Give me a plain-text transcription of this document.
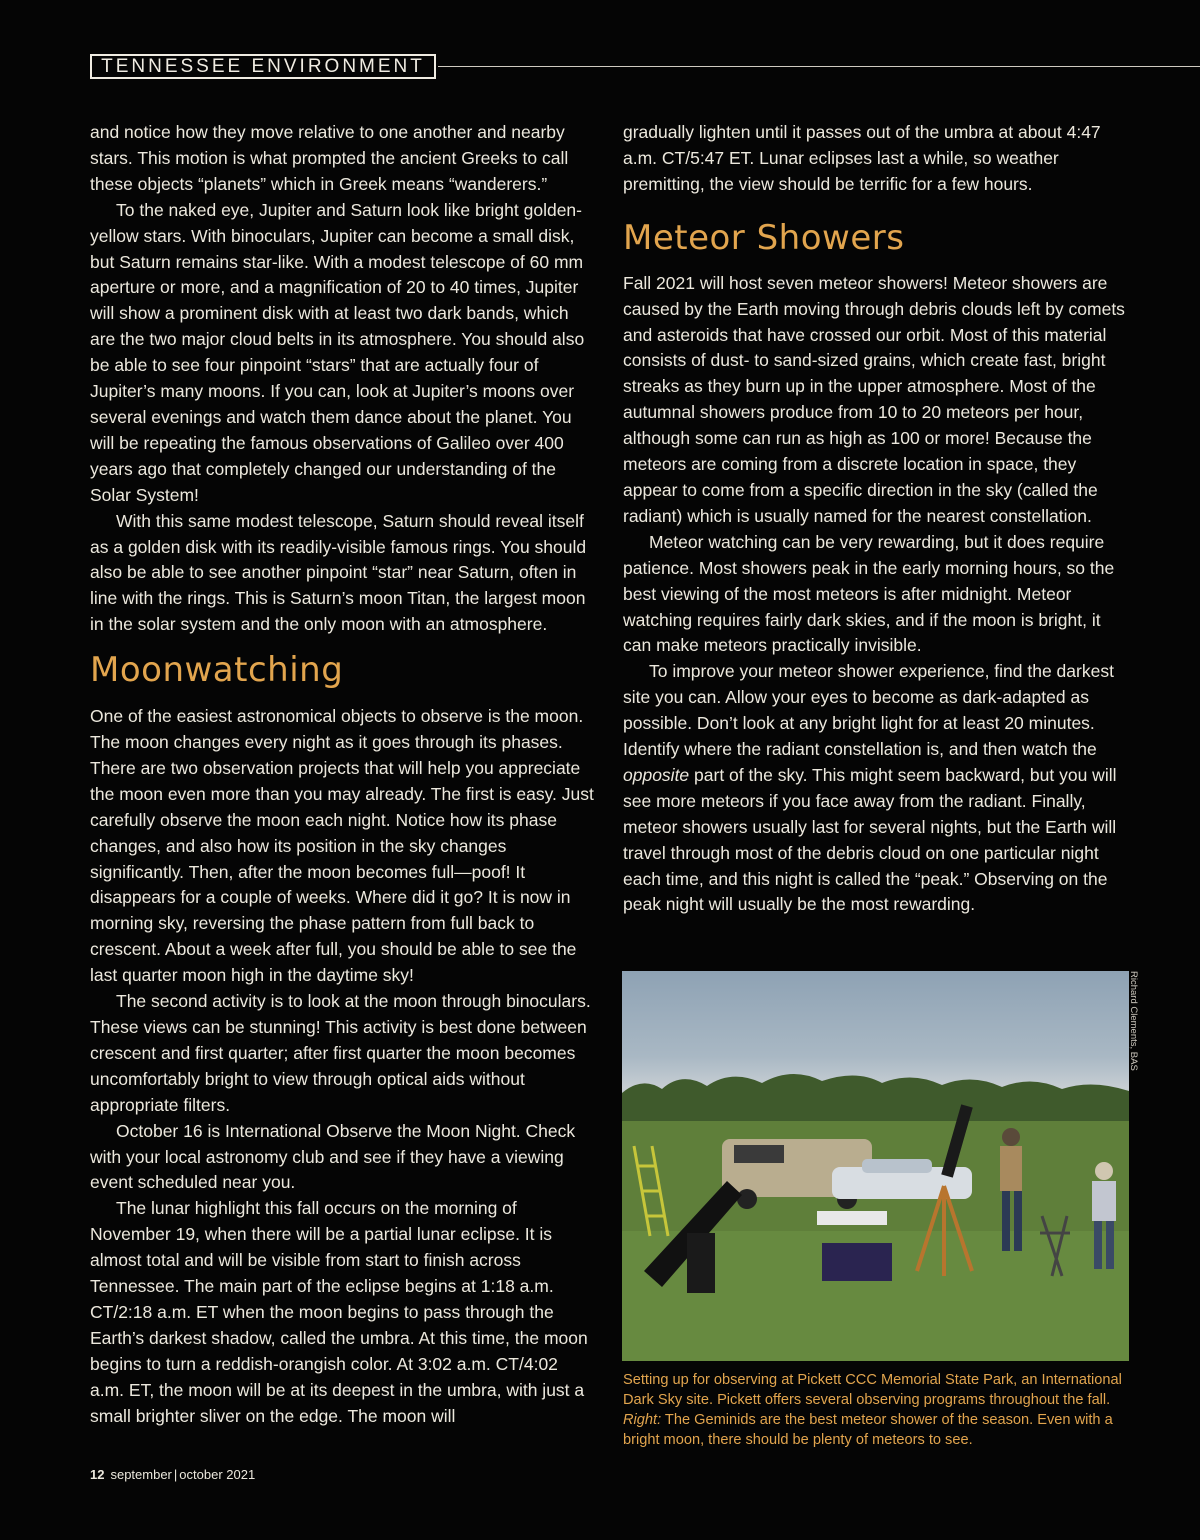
TENNESSEE ENVIRONMENT

and notice how they move relative to one another and nearby stars. This motion is what prompted the ancient Greeks to call these objects “planets” which in Greek means “wanderers.”

To the naked eye, Jupiter and Saturn look like bright golden-yellow stars. With binoculars, Jupiter can become a small disk, but Saturn remains star-like. With a modest telescope of 60 mm aperture or more, and a magnification of 20 to 40 times, Jupiter will show a prominent disk with at least two dark bands, which are the two major cloud belts in its atmosphere. You should also be able to see four pinpoint “stars” that are actually four of Jupiter’s many moons. If you can, look at Jupiter’s moons over several evenings and watch them dance about the planet. You will be repeating the famous observations of Galileo over 400 years ago that completely changed our understanding of the Solar System!

With this same modest telescope, Saturn should reveal itself as a golden disk with its readily-visible famous rings. You should also be able to see another pinpoint “star” near Saturn, often in line with the rings. This is Saturn’s moon Titan, the largest moon in the solar system and the only moon with an atmosphere.

Moonwatching

One of the easiest astronomical objects to observe is the moon. The moon changes every night as it goes through its phases. There are two observation projects that will help you appreciate the moon even more than you may already. The first is easy. Just carefully observe the moon each night. Notice how its phase changes, and also how its position in the sky changes significantly. Then, after the moon becomes full—poof! It disappears for a couple of weeks. Where did it go? It is now in morning sky, reversing the phase pattern from full back to crescent. About a week after full, you should be able to see the last quarter moon high in the daytime sky!

The second activity is to look at the moon through binoculars. These views can be stunning! This activity is best done between crescent and first quarter; after first quarter the moon becomes uncomfortably bright to view through optical aids without appropriate filters.

October 16 is International Observe the Moon Night. Check with your local astronomy club and see if they have a viewing event scheduled near you.

The lunar highlight this fall occurs on the morning of November 19, when there will be a partial lunar eclipse. It is almost total and will be visible from start to finish across Tennessee. The main part of the eclipse begins at 1:18 a.m. CT/2:18 a.m. ET when the moon begins to pass through the Earth’s darkest shadow, called the umbra. At this time, the moon begins to turn a reddish-orangish color. At 3:02 a.m. CT/4:02 a.m. ET, the moon will be at its deepest in the umbra, with just a small brighter sliver on the edge. The moon will

gradually lighten until it passes out of the umbra at about 4:47 a.m. CT/5:47 ET. Lunar eclipses last a while, so weather premitting, the view should be terrific for a few hours.

Meteor Showers

Fall 2021 will host seven meteor showers! Meteor showers are caused by the Earth moving through debris clouds left by comets and asteroids that have crossed our orbit. Most of this material consists of dust- to sand-sized grains, which create fast, bright streaks as they burn up in the upper atmosphere. Most of the autumnal showers produce from 10 to 20 meteors per hour, although some can run as high as 100 or more! Because the meteors are coming from a discrete location in space, they appear to come from a specific direction in the sky (called the radiant) which is usually named for the nearest constellation.

Meteor watching can be very rewarding, but it does require patience. Most showers peak in the early morning hours, so the best viewing of the most meteors is after midnight. Meteor watching requires fairly dark skies, and if the moon is bright, it can make meteors practically invisible.

To improve your meteor shower experience, find the darkest site you can. Allow your eyes to become as dark-adapted as possible. Don’t look at any bright light for at least 20 minutes. Identify where the radiant constellation is, and then watch the opposite part of the sky. This might seem backward, but you will see more meteors if you face away from the radiant. Finally, meteor showers usually last for several nights, but the Earth will travel through most of the debris cloud on one particular night each time, and this night is called the “peak.” Observing on the peak night will usually be the most rewarding.

Richard Clements, BAS
Setting up for observing at Pickett CCC Memorial State Park, an International Dark Sky site. Pickett offers several observing programs throughout the fall. Right: The Geminids are the best meteor shower of the season. Even with a bright moon, there should be plenty of meteors to see.
12 september | october 2021
